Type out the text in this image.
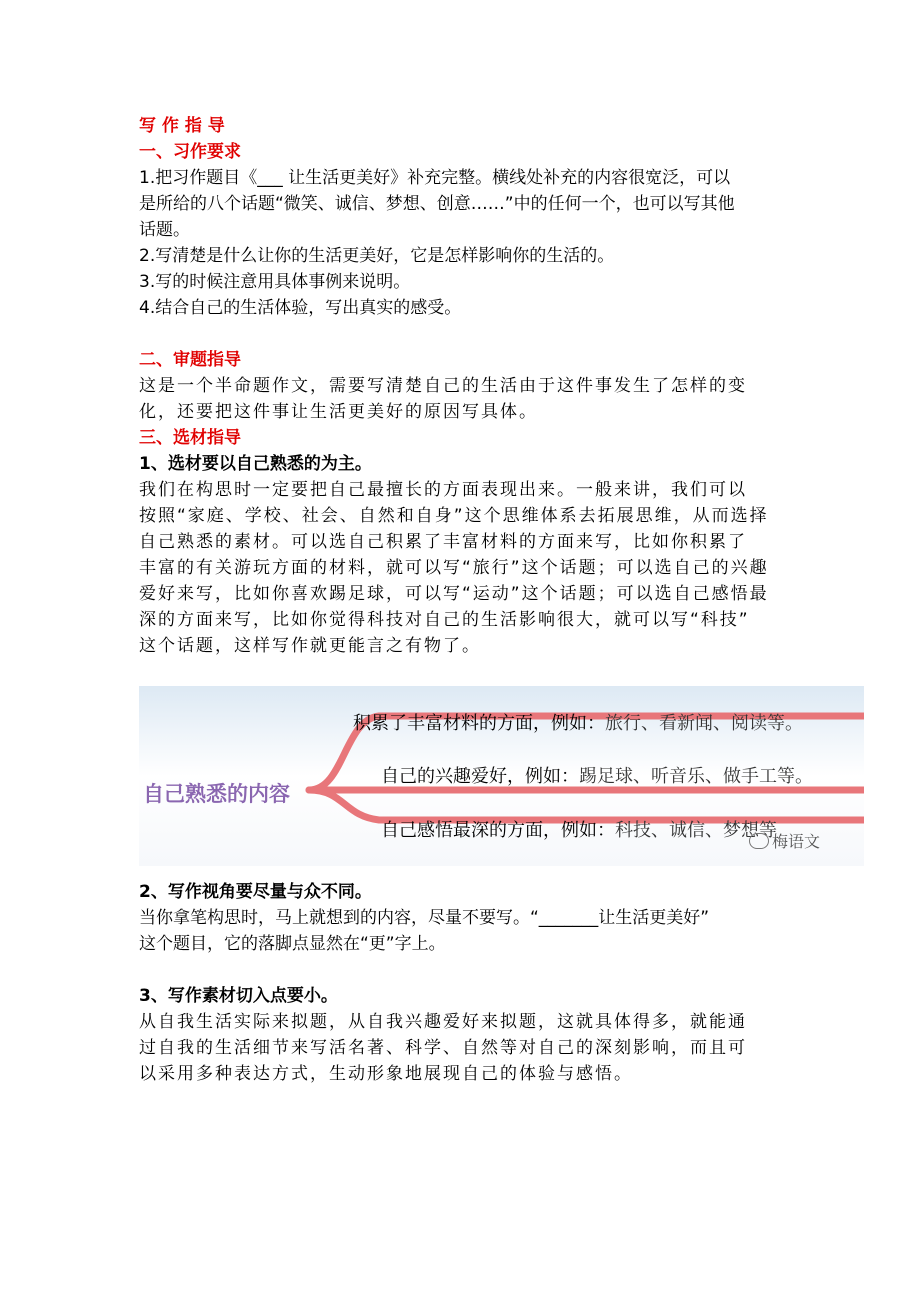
写 作 指 导
一、习作要求
1.把习作题目《___ 让生活更美好》补充完整。横线处补充的内容很宽泛，可以
是所给的八个话题“微笑、诚信、梦想、创意……”中的任何一个，也可以写其他
话题。
2.写清楚是什么让你的生活更美好，它是怎样影响你的生活的。
3.写的时候注意用具体事例来说明。
4.结合自己的生活体验，写出真实的感受。
二、审题指导
这是一个半命题作文，需要写清楚自己的生活由于这件事发生了怎样的变
化，还要把这件事让生活更美好的原因写具体。
三、选材指导
1、选材要以自己熟悉的为主。
我们在构思时一定要把自己最擅长的方面表现出来。一般来讲，我们可以
按照“家庭、学校、社会、自然和自身”这个思维体系去拓展思维，从而选择
自己熟悉的素材。可以选自己积累了丰富材料的方面来写，比如你积累了
丰富的有关游玩方面的材料，就可以写“旅行”这个话题；可以选自己的兴趣
爱好来写，比如你喜欢踢足球，可以写“运动”这个话题；可以选自己感悟最
深的方面来写，比如你觉得科技对自己的生活影响很大，就可以写“科技”
这个话题，这样写作就更能言之有物了。
自己熟悉的内容
积累了丰富材料的方面，例如：旅行、看新闻、阅读等。
自己的兴趣爱好，例如：踢足球、听音乐、做手工等。
自己感悟最深的方面，例如：科技、诚信、梦想等
梅语文
2、写作视角要尽量与众不同。
当你拿笔构思时，马上就想到的内容，尽量不要写。“_______让生活更美好”
这个题目，它的落脚点显然在“更”字上。
3、写作素材切入点要小。
从自我生活实际来拟题，从自我兴趣爱好来拟题，这就具体得多，就能通
过自我的生活细节来写活名著、科学、自然等对自己的深刻影响，而且可
以采用多种表达方式，生动形象地展现自己的体验与感悟。
